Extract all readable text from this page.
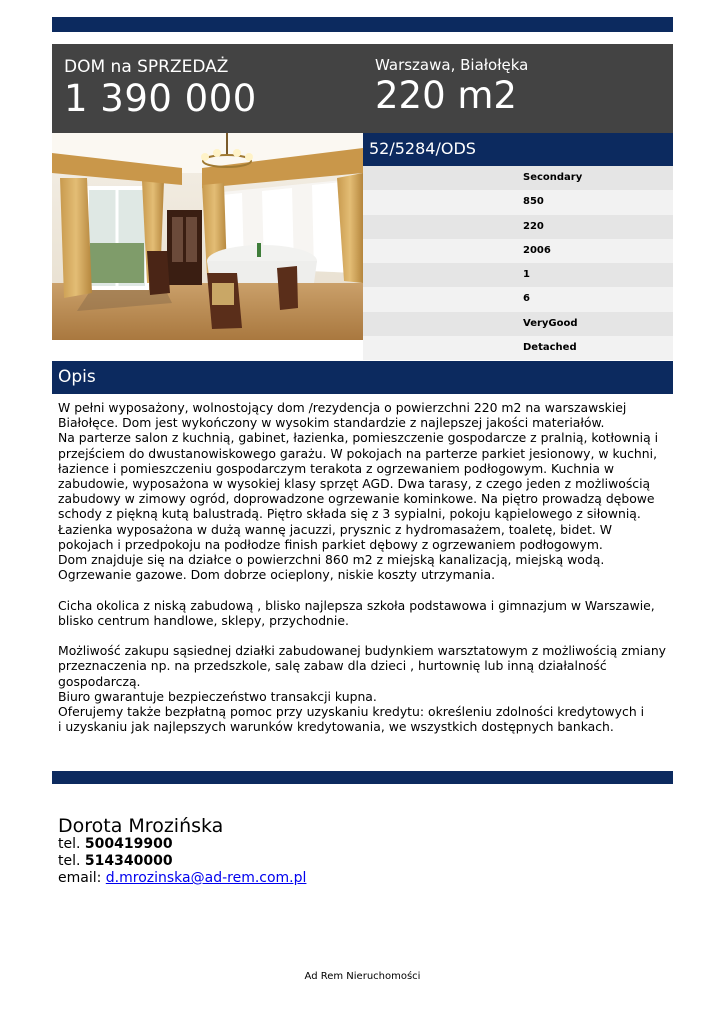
DOM na SPRZEDAŻ
1 390 000
Warszawa, Białołęka
220 m2
52/5284/ODS
Secondary
850
220
2006
1
6
VeryGood
Detached
Opis

W pełni wyposażony, wolnostojący dom /rezydencja o powierzchni 220 m2 na warszawskiej Białołęce. Dom jest wykończony w wysokim standardzie z najlepszej jakości materiałów.

Na parterze salon z kuchnią, gabinet, łazienka, pomieszczenie gospodarcze z pralnią, kotłownią i przejściem do dwustanowiskowego garażu. W pokojach na parterze parkiet jesionowy, w kuchni, łazience i pomieszczeniu gospodarczym terakota z ogrzewaniem podłogowym. Kuchnia w zabudowie, wyposażona w wysokiej klasy sprzęt AGD. Dwa tarasy, z czego jeden z możliwością zabudowy w zimowy ogród, doprowadzone ogrzewanie kominkowe. Na piętro prowadzą dębowe schody z piękną kutą balustradą. Piętro składa się z 3 sypialni, pokoju kąpielowego z siłownią. Łazienka wyposażona w dużą wannę jacuzzi, prysznic z hydromasażem, toaletę, bidet. W pokojach i przedpokoju na podłodze finish parkiet dębowy z ogrzewaniem podłogowym.

Dom znajduje się na działce o powierzchni 860 m2 z miejską kanalizacją, miejską wodą. Ogrzewanie gazowe. Dom dobrze ocieplony, niskie koszty utrzymania.

Cicha okolica z niską zabudową , blisko najlepsza szkoła podstawowa i gimnazjum w Warszawie, blisko centrum handlowe, sklepy, przychodnie.

Możliwość zakupu sąsiednej działki zabudowanej budynkiem warsztatowym z możliwością zmiany przeznaczenia np. na przedszkole, salę zabaw dla dzieci , hurtownię lub inną działalność gospodarczą.

Biuro gwarantuje bezpieczeństwo transakcji kupna.

Oferujemy także bezpłatną pomoc przy uzyskaniu kredytu: określeniu zdolności kredytowych i

i uzyskaniu jak najlepszych warunków kredytowania, we wszystkich dostępnych bankach.

Dorota Mrozińska
tel. 500419900
tel. 514340000
email: d.mrozinska@ad-rem.com.pl
Ad Rem Nieruchomości
